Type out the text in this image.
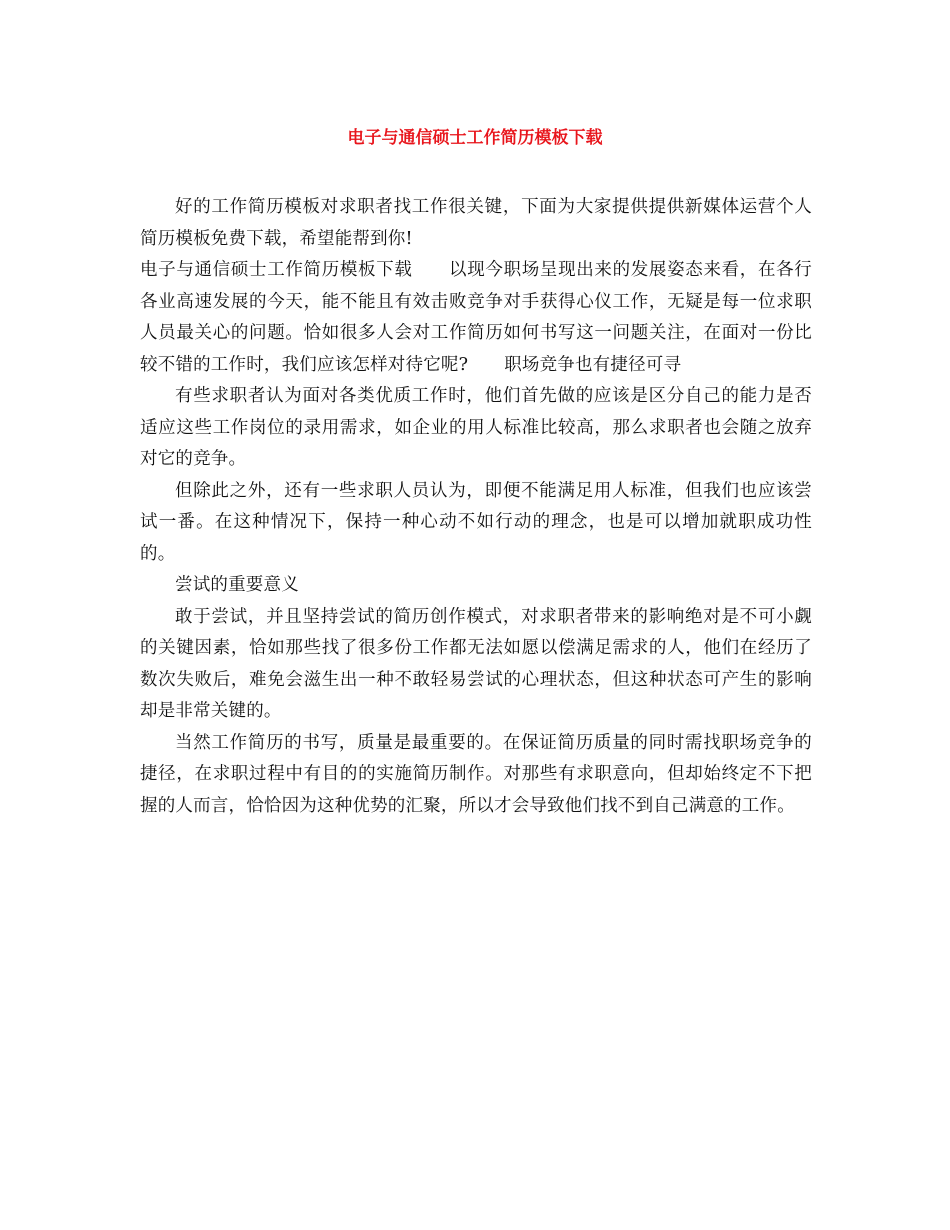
电子与通信硕士工作简历模板下载

好的工作简历模板对求职者找工作很关键，下面为大家提供提供新媒体运营个人简历模板免费下载，希望能帮到你!

电子与通信硕士工作简历模板下载 以现今职场呈现出来的发展姿态来看，在各行各业高速发展的今天，能不能且有效击败竞争对手获得心仪工作，无疑是每一位求职人员最关心的问题。恰如很多人会对工作简历如何书写这一问题关注，在面对一份比较不错的工作时，我们应该怎样对待它呢? 职场竞争也有捷径可寻

有些求职者认为面对各类优质工作时，他们首先做的应该是区分自己的能力是否适应这些工作岗位的录用需求，如企业的用人标准比较高，那么求职者也会随之放弃对它的竞争。

但除此之外，还有一些求职人员认为，即便不能满足用人标准，但我们也应该尝试一番。在这种情况下，保持一种心动不如行动的理念，也是可以增加就职成功性的。

尝试的重要意义

敢于尝试，并且坚持尝试的简历创作模式，对求职者带来的影响绝对是不可小觑的关键因素，恰如那些找了很多份工作都无法如愿以偿满足需求的人，他们在经历了数次失败后，难免会滋生出一种不敢轻易尝试的心理状态，但这种状态可产生的影响却是非常关键的。

当然工作简历的书写，质量是最重要的。在保证简历质量的同时需找职场竞争的捷径，在求职过程中有目的的实施简历制作。对那些有求职意向，但却始终定不下把握的人而言，恰恰因为这种优势的汇聚，所以才会导致他们找不到自己满意的工作。
